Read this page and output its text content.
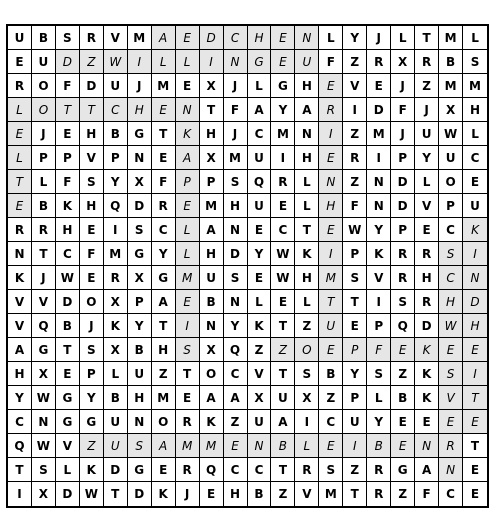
U	B	S	R	V	M	A	E	D	C	H	E	N	L	Y	J	L	T	M	L
E	U	D	Z	W	I	L	L	I	N	G	E	U	F	Z	R	X	R	B	S
R	O	F	D	U	J	M	E	X	J	L	G	H	E	V	E	J	Z	M	M
L	O	T	T	C	H	E	N	T	F	A	Y	A	R	I	D	F	J	X	H
E	J	E	H	B	G	T	K	H	J	C	M	N	I	Z	M	J	U	W	L
L	P	P	V	P	N	E	A	X	M	U	I	H	E	R	I	P	Y	U	C
T	L	F	S	Y	X	F	P	P	S	Q	R	L	N	Z	N	D	L	O	E
E	B	K	H	Q	D	R	E	M	H	U	E	L	H	F	N	D	V	P	U
R	R	H	E	I	S	C	L	A	N	E	C	T	E	W	Y	P	E	C	K
N	T	C	F	M	G	Y	L	H	D	Y	W	K	I	P	K	R	R	S	I
K	J	W	E	R	X	G	M	U	S	E	W	H	M	S	V	R	H	C	N
V	V	D	O	X	P	A	E	B	N	L	E	L	T	T	I	S	R	H	D
V	Q	B	J	K	Y	T	I	N	Y	K	T	Z	U	E	P	Q	D	W	H
A	G	T	S	X	B	H	S	X	Q	Z	Z	O	E	P	F	E	K	E	E
H	X	E	P	L	U	Z	T	O	C	V	T	S	B	Y	S	Z	K	S	I
Y	W	G	Y	B	H	M	E	A	A	X	U	X	Z	P	L	B	K	V	T
C	N	G	G	U	N	O	R	K	Z	U	A	I	C	U	Y	E	E	E	E
Q	W	V	Z	U	S	A	M	M	E	N	B	L	E	I	B	E	N	R	T
T	S	L	K	D	G	E	R	Q	C	C	T	R	S	Z	R	G	A	N	E
I	X	D	W	T	D	K	J	E	H	B	Z	V	M	T	R	Z	F	C	E
